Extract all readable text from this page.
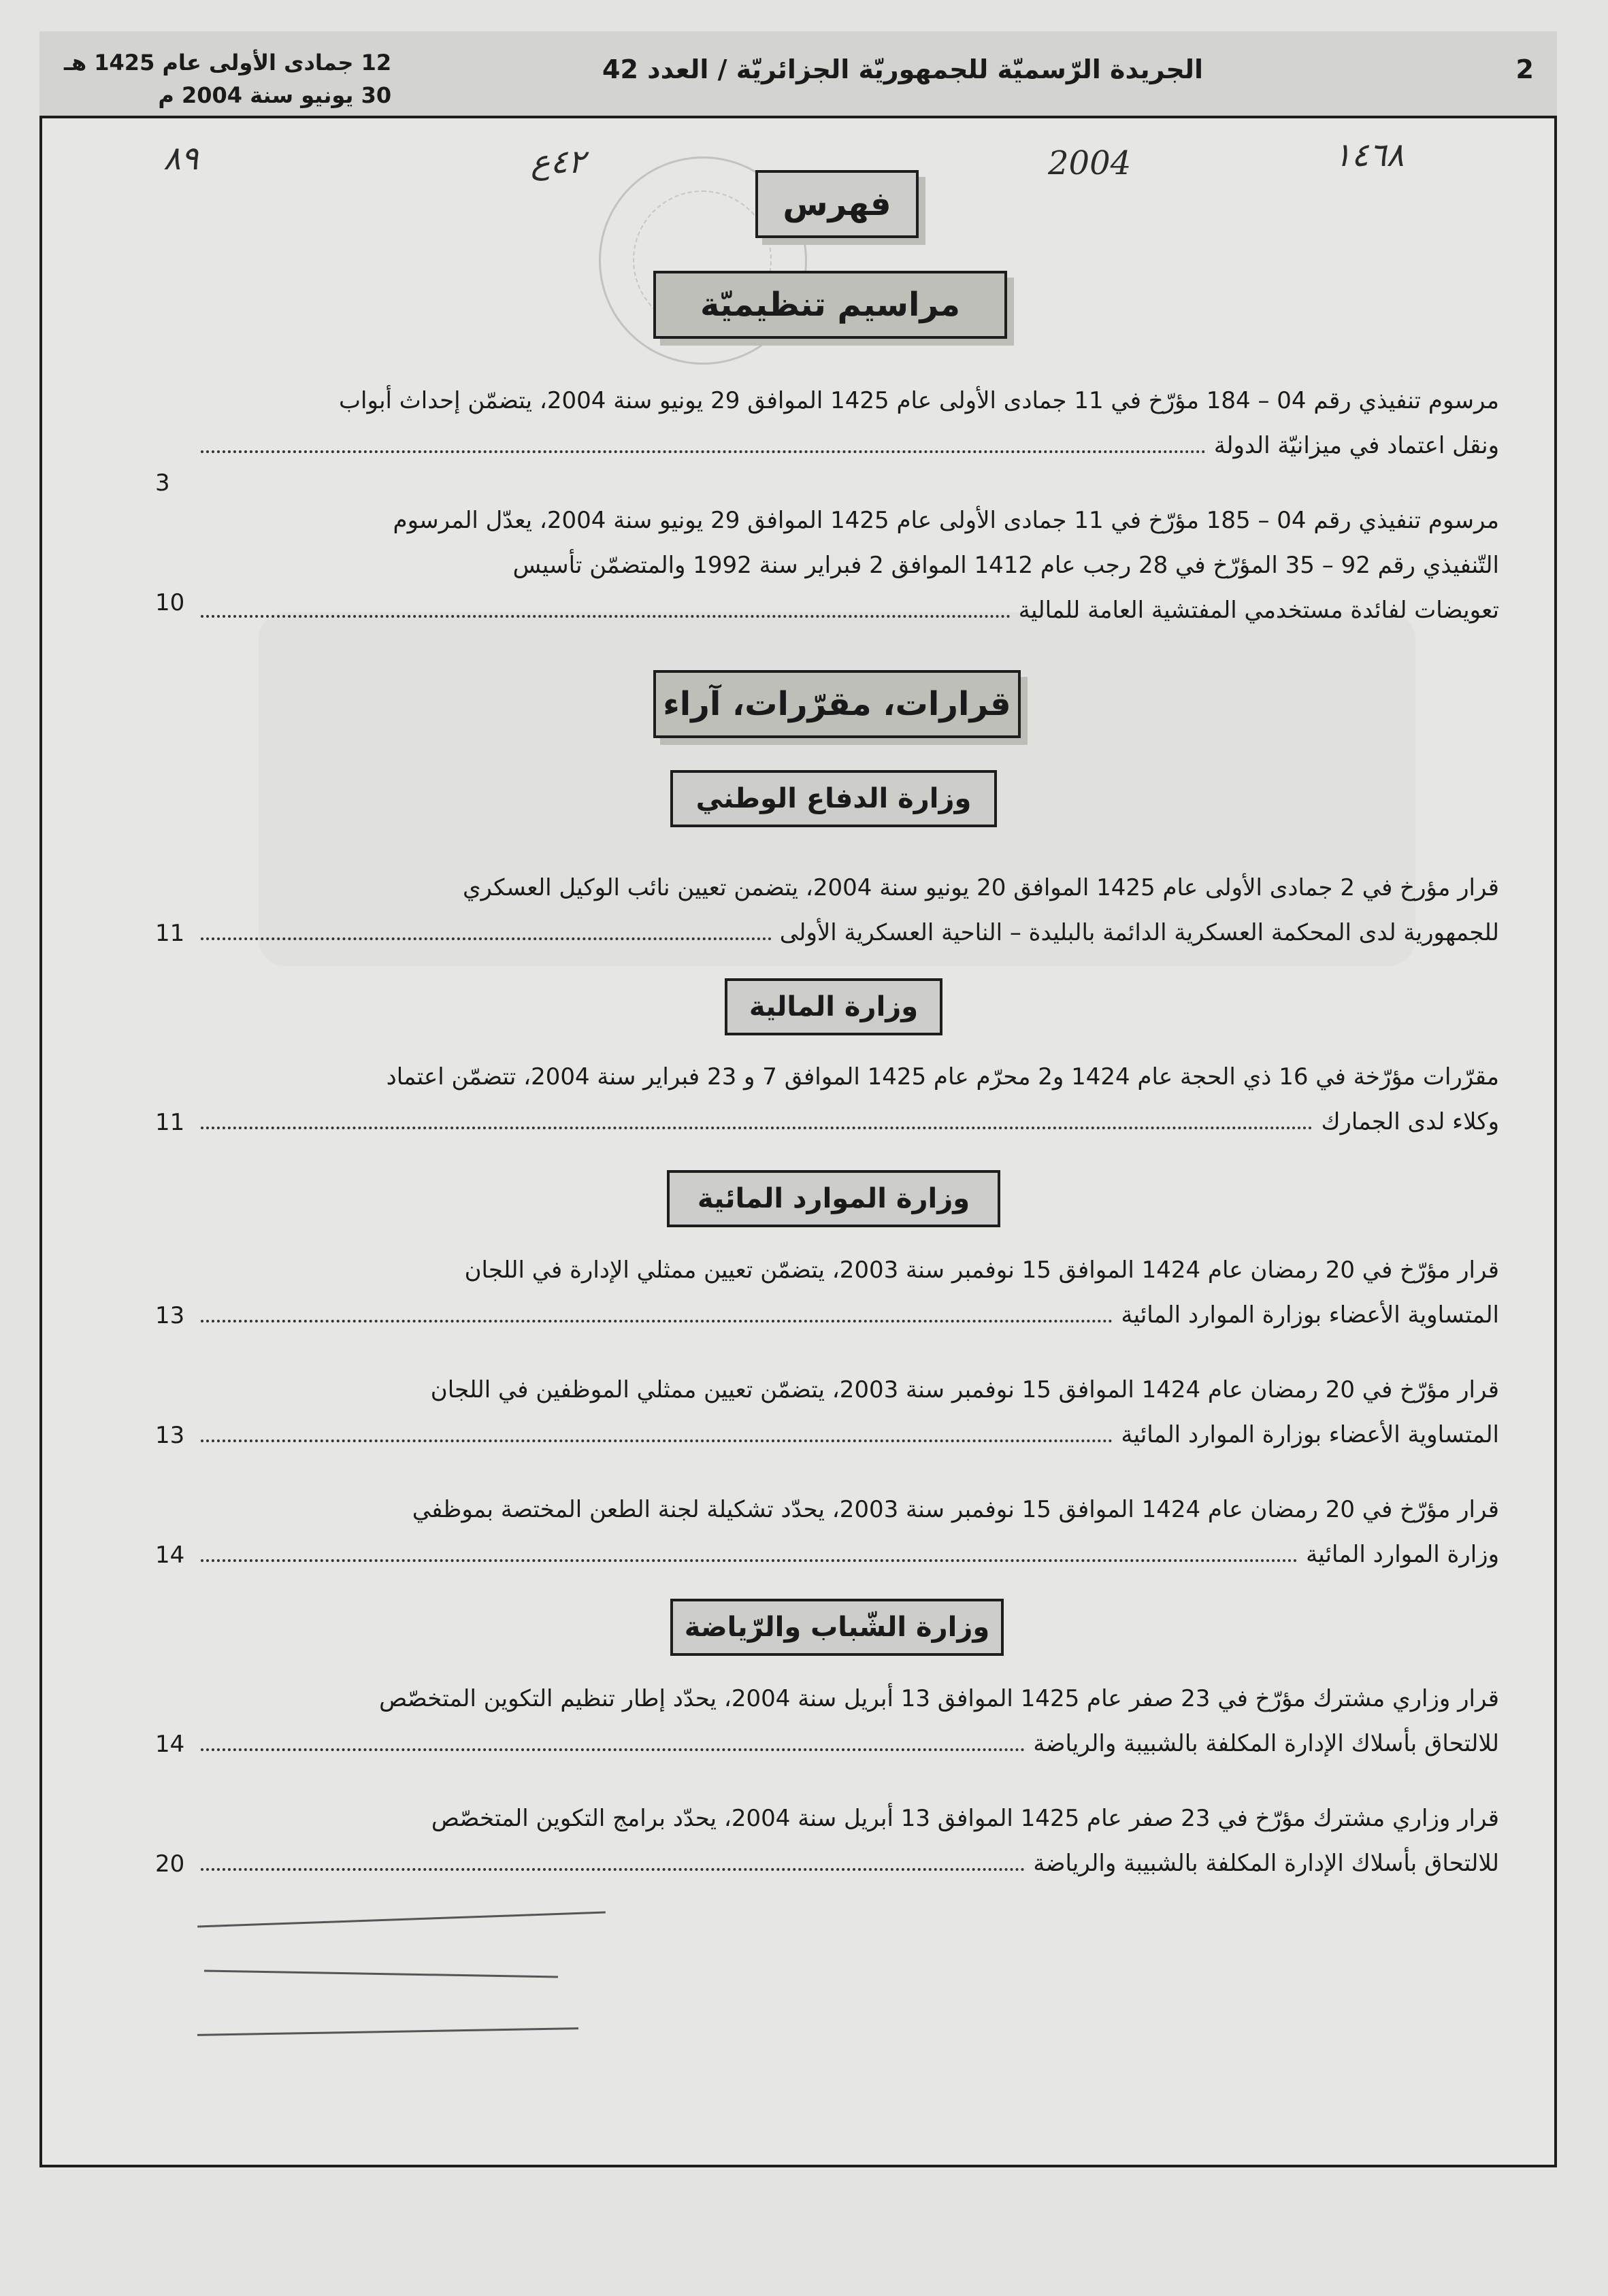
2
الجريدة الرّسميّة للجمهوريّة الجزائريّة / العدد 42
12 جمادى الأولى عام 1425 هـ
30 يونيو سنة 2004 م
٨٩	٤٢ع	2004	١٤٦٨
فهرس
مراسيم تنظيميّة
مرسوم تنفيذي رقم 04 – 184 مؤرّخ في 11 جمادى الأولى عام 1425 الموافق 29 يونيو سنة 2004، يتضمّن إحداث أبواب
ونقل اعتماد في ميزانيّة الدولة
3
مرسوم تنفيذي رقم 04 – 185 مؤرّخ في 11 جمادى الأولى عام 1425 الموافق 29 يونيو سنة 2004، يعدّل المرسوم
التّنفيذي رقم 92 – 35 المؤرّخ في 28 رجب عام 1412 الموافق 2 فبراير سنة 1992 والمتضمّن تأسيس
تعويضات لفائدة مستخدمي المفتشية العامة للمالية
10
قرارات، مقرّرات، آراء
وزارة الدفاع الوطني
قرار مؤرخ في 2 جمادى الأولى عام 1425 الموافق 20 يونيو سنة 2004، يتضمن تعيين نائب الوكيل العسكري
للجمهورية لدى المحكمة العسكرية الدائمة بالبليدة – الناحية العسكرية الأولى
11
وزارة المالية
مقرّرات مؤرّخة في 16 ذي الحجة عام 1424 و2 محرّم عام 1425 الموافق 7 و 23 فبراير سنة 2004، تتضمّن اعتماد
وكلاء لدى الجمارك
11
وزارة الموارد المائية
قرار مؤرّخ في 20 رمضان عام 1424 الموافق 15 نوفمبر سنة 2003، يتضمّن تعيين ممثلي الإدارة في اللجان
المتساوية الأعضاء بوزارة الموارد المائية
13
قرار مؤرّخ في 20 رمضان عام 1424 الموافق 15 نوفمبر سنة 2003، يتضمّن تعيين ممثلي الموظفين في اللجان
المتساوية الأعضاء بوزارة الموارد المائية
13
قرار مؤرّخ في 20 رمضان عام 1424 الموافق 15 نوفمبر سنة 2003، يحدّد تشكيلة لجنة الطعن المختصة بموظفي
وزارة الموارد المائية
14
وزارة الشّباب والرّياضة
قرار وزاري مشترك مؤرّخ في 23 صفر عام 1425 الموافق 13 أبريل سنة 2004، يحدّد إطار تنظيم التكوين المتخصّص
للالتحاق بأسلاك الإدارة المكلفة بالشبيبة والرياضة
14
قرار وزاري مشترك مؤرّخ في 23 صفر عام 1425 الموافق 13 أبريل سنة 2004، يحدّد برامج التكوين المتخصّص
للالتحاق بأسلاك الإدارة المكلفة بالشبيبة والرياضة
20
